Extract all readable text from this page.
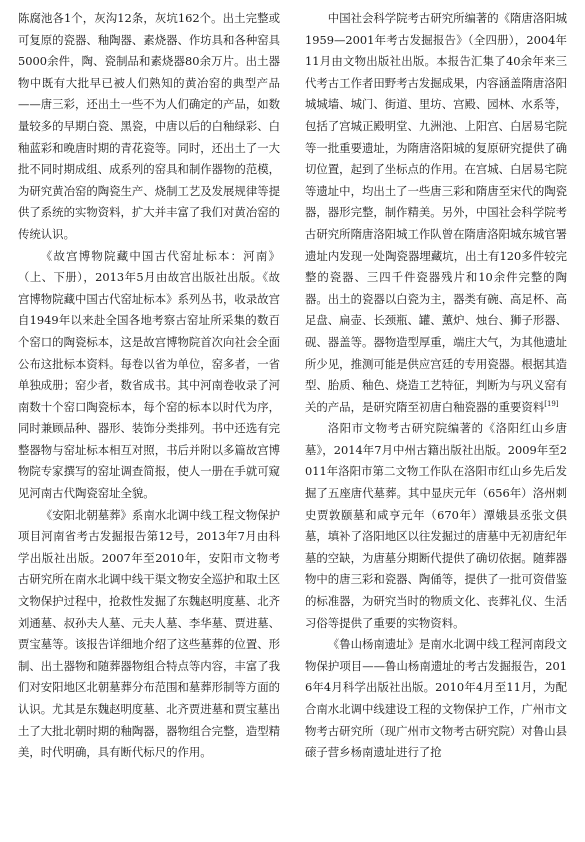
陈腐池各1个，灰沟12条，灰坑162个。出土完整或可复原的瓷器、釉陶器、素烧器、作坊具和各种窑具5000余件，陶、瓷制品和素烧器80余万片。出土器物中既有大批早已被人们熟知的黄冶窑的典型产品——唐三彩，还出土一些不为人们确定的产品，如数量较多的早期白瓷、黑瓷，中唐以后的白釉绿彩、白釉蓝彩和晚唐时期的青花瓷等。同时，还出土了一大批不同时期成组、成系列的窑具和制作器物的范模，为研究黄冶窑的陶瓷生产、烧制工艺及发展规律等提供了系统的实物资料，扩大并丰富了我们对黄冶窑的传统认识。

《故宫博物院藏中国古代窑址标本：河南》（上、下册），2013年5月由故宫出版社出版。《故宫博物院藏中国古代窑址标本》系列丛书，收录故宫自1949年以来赴全国各地考察古窑址所采集的数百个窑口的陶瓷标本，这是故宫博物院首次向社会全面公布这批标本资料。每卷以省为单位，窑多者，一省单独成册；窑少者，数省成书。其中河南卷收录了河南数十个窑口陶瓷标本，每个窑的标本以时代为序，同时兼顾品种、器形、装饰分类排列。书中还选有完整器物与窑址标本相互对照，书后并附以多篇故宫博物院专家撰写的窑址调查简报，使人一册在手就可窥见河南古代陶瓷窑址全貌。

《安阳北朝墓葬》系南水北调中线工程文物保护项目河南省考古发掘报告第12号，2013年7月由科学出版社出版。2007年至2010年，安阳市文物考古研究所在南水北调中线干渠文物安全巡护和取土区文物保护过程中，抢救性发掘了东魏赵明度墓、北齐刘通墓、叔孙夫人墓、元夫人墓、李华墓、贾进墓、贾宝墓等。该报告详细地介绍了这些墓葬的位置、形制、出土器物和随葬器物组合特点等内容，丰富了我们对安阳地区北朝墓葬分布范围和墓葬形制等方面的认识。尤其是东魏赵明度墓、北齐贾进墓和贾宝墓出土了大批北朝时期的釉陶器，器物组合完整，造型精美，时代明确，具有断代标尺的作用。

中国社会科学院考古研究所编著的《隋唐洛阳城1959—2001年考古发掘报告》（全四册），2004年11月由文物出版社出版。本报告汇集了40余年来三代考古工作者田野考古发掘成果，内容涵盖隋唐洛阳城城墙、城门、街道、里坊、宫殿、园林、水系等，包括了宫城正殿明堂、九洲池、上阳宫、白居易宅院等一批重要遗址，为隋唐洛阳城的复原研究提供了确切位置，起到了坐标点的作用。在宫城、白居易宅院等遗址中，均出土了一些唐三彩和隋唐至宋代的陶瓷器，器形完整，制作精美。另外，中国社会科学院考古研究所隋唐洛阳城工作队曾在隋唐洛阳城东城官署遗址内发现一处陶瓷器埋藏坑，出土有120多件较完整的瓷器、三四千件瓷器残片和10余件完整的陶器。出土的瓷器以白瓷为主，器类有碗、高足杯、高足盘、扁壶、长颈瓶、罐、薰炉、烛台、狮子形器、砚、器盖等。器物造型厚重，端庄大气，为其他遗址所少见，推测可能是供应宫廷的专用瓷器。根据其造型、胎质、釉色、烧造工艺特征，判断为与巩义窑有关的产品，是研究隋至初唐白釉瓷器的重要资料[19]

洛阳市文物考古研究院编著的《洛阳红山乡唐墓》，2014年7月中州古籍出版社出版。2009年至2011年洛阳市第二文物工作队在洛阳市红山乡先后发掘了五座唐代墓葬。其中显庆元年（656年）洛州刺史贾敦颐墓和咸亨元年（670年）潭娥县丞张文俱墓，填补了洛阳地区以往发掘过的唐墓中无初唐纪年墓的空缺，为唐墓分期断代提供了确切依据。随葬器物中的唐三彩和瓷器、陶俑等，提供了一批可资借鉴的标准器，为研究当时的物质文化、丧葬礼仪、生活习俗等提供了重要的实物资料。

《鲁山杨南遗址》是南水北调中线工程河南段文物保护项目——鲁山杨南遗址的考古发掘报告，2016年4月科学出版社出版。2010年4月至11月，为配合南水北调中线建设工程的文物保护工作，广州市文物考古研究所（现广州市文物考古研究院）对鲁山县磙子营乡杨南遗址进行了抢
